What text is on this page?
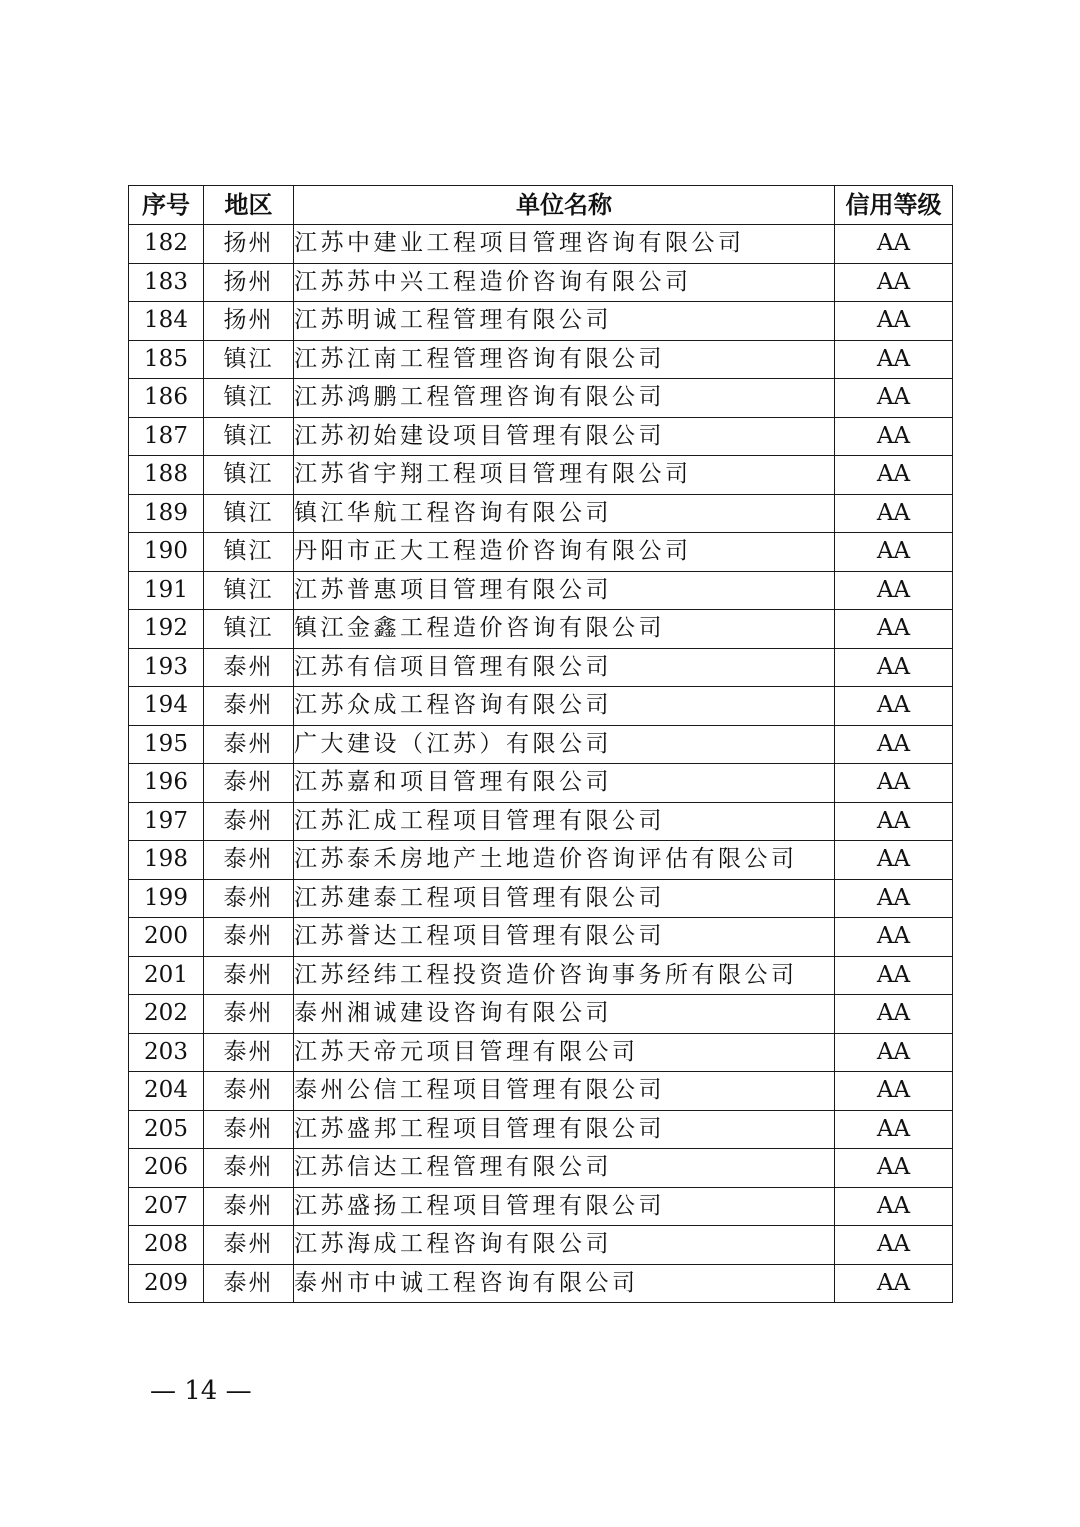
序号	地区	单位名称	信用等级
182	扬州	江苏中建业工程项目管理咨询有限公司	AA
183	扬州	江苏苏中兴工程造价咨询有限公司	AA
184	扬州	江苏明诚工程管理有限公司	AA
185	镇江	江苏江南工程管理咨询有限公司	AA
186	镇江	江苏鸿鹏工程管理咨询有限公司	AA
187	镇江	江苏初始建设项目管理有限公司	AA
188	镇江	江苏省宇翔工程项目管理有限公司	AA
189	镇江	镇江华航工程咨询有限公司	AA
190	镇江	丹阳市正大工程造价咨询有限公司	AA
191	镇江	江苏普惠项目管理有限公司	AA
192	镇江	镇江金鑫工程造价咨询有限公司	AA
193	泰州	江苏有信项目管理有限公司	AA
194	泰州	江苏众成工程咨询有限公司	AA
195	泰州	广大建设（江苏）有限公司	AA
196	泰州	江苏嘉和项目管理有限公司	AA
197	泰州	江苏汇成工程项目管理有限公司	AA
198	泰州	江苏泰禾房地产土地造价咨询评估有限公司	AA
199	泰州	江苏建泰工程项目管理有限公司	AA
200	泰州	江苏誉达工程项目管理有限公司	AA
201	泰州	江苏经纬工程投资造价咨询事务所有限公司	AA
202	泰州	泰州湘诚建设咨询有限公司	AA
203	泰州	江苏天帝元项目管理有限公司	AA
204	泰州	泰州公信工程项目管理有限公司	AA
205	泰州	江苏盛邦工程项目管理有限公司	AA
206	泰州	江苏信达工程管理有限公司	AA
207	泰州	江苏盛扬工程项目管理有限公司	AA
208	泰州	江苏海成工程咨询有限公司	AA
209	泰州	泰州市中诚工程咨询有限公司	AA
— 14 —
